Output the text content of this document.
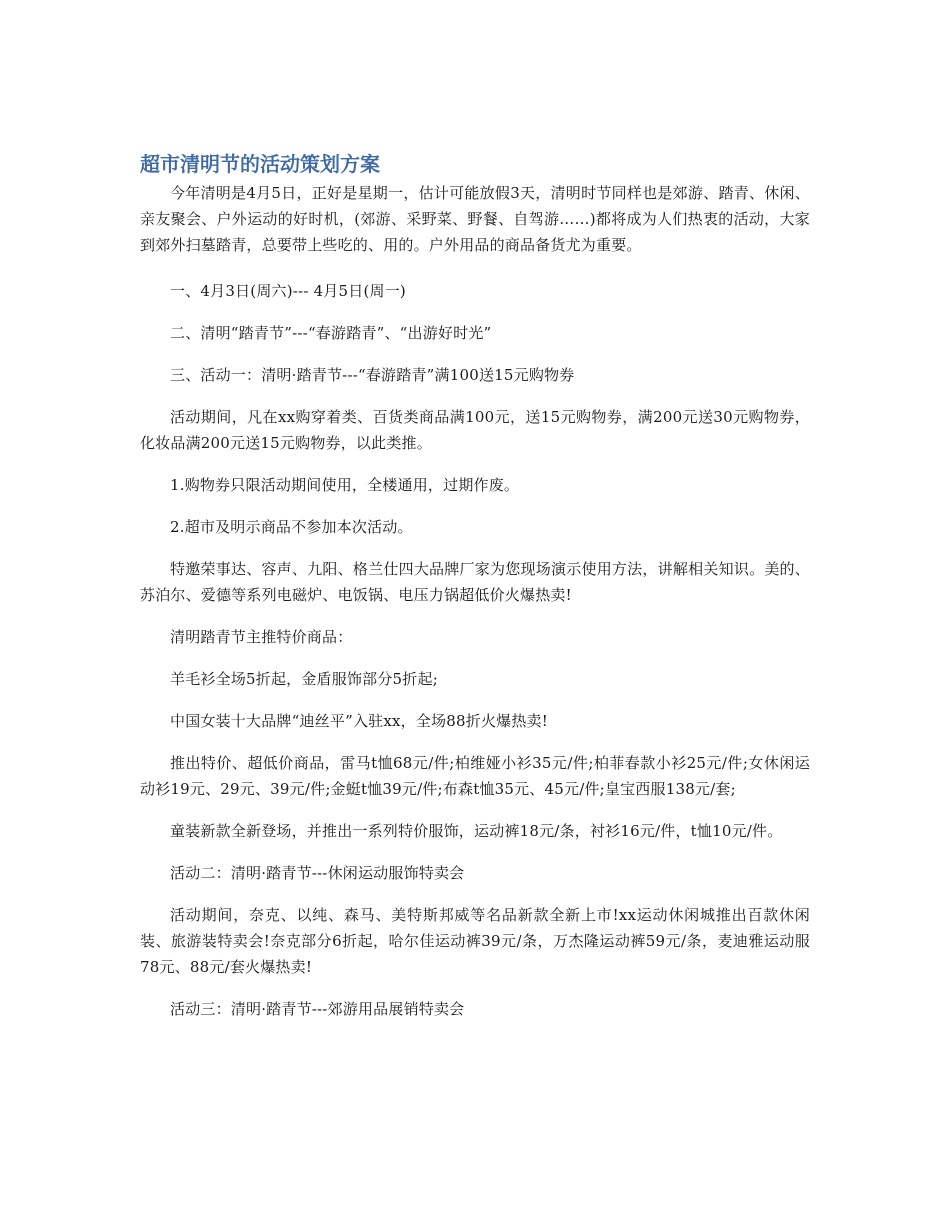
超市清明节的活动策划方案

今年清明是4月5日，正好是星期一，估计可能放假3天，清明时节同样也是郊游、踏青、休闲、亲友聚会、户外运动的好时机，(郊游、采野菜、野餐、自驾游……)都将成为人们热衷的活动，大家到郊外扫墓踏青，总要带上些吃的、用的。户外用品的商品备货尤为重要。

一、4月3日(周六)--- 4月5日(周一)

二、清明“踏青节”---“春游踏青”、“出游好时光”

三、活动一：清明·踏青节---“春游踏青”满100送15元购物券

活动期间，凡在xx购穿着类、百货类商品满100元，送15元购物券，满200元送30元购物券，化妆品满200元送15元购物券，以此类推。

1.购物券只限活动期间使用，全楼通用，过期作废。

2.超市及明示商品不参加本次活动。

特邀荣事达、容声、九阳、格兰仕四大品牌厂家为您现场演示使用方法，讲解相关知识。美的、苏泊尔、爱德等系列电磁炉、电饭锅、电压力锅超低价火爆热卖!

清明踏青节主推特价商品：

羊毛衫全场5折起，金盾服饰部分5折起;

中国女装十大品牌“迪丝平”入驻xx，全场88折火爆热卖!

推出特价、超低价商品，雷马t恤68元/件;柏维娅小衫35元/件;柏菲春款小衫25元/件;女休闲运动衫19元、29元、39元/件;金蜓t恤39元/件;布森t恤35元、45元/件;皇宝西服138元/套;

童装新款全新登场，并推出一系列特价服饰，运动裤18元/条，衬衫16元/件，t恤10元/件。

活动二：清明·踏青节---休闲运动服饰特卖会

活动期间，奈克、以纯、森马、美特斯邦威等名品新款全新上市!xx运动休闲城推出百款休闲装、旅游装特卖会!奈克部分6折起，哈尔佳运动裤39元/条，万杰隆运动裤59元/条，麦迪雅运动服78元、88元/套火爆热卖!

活动三：清明·踏青节---郊游用品展销特卖会
